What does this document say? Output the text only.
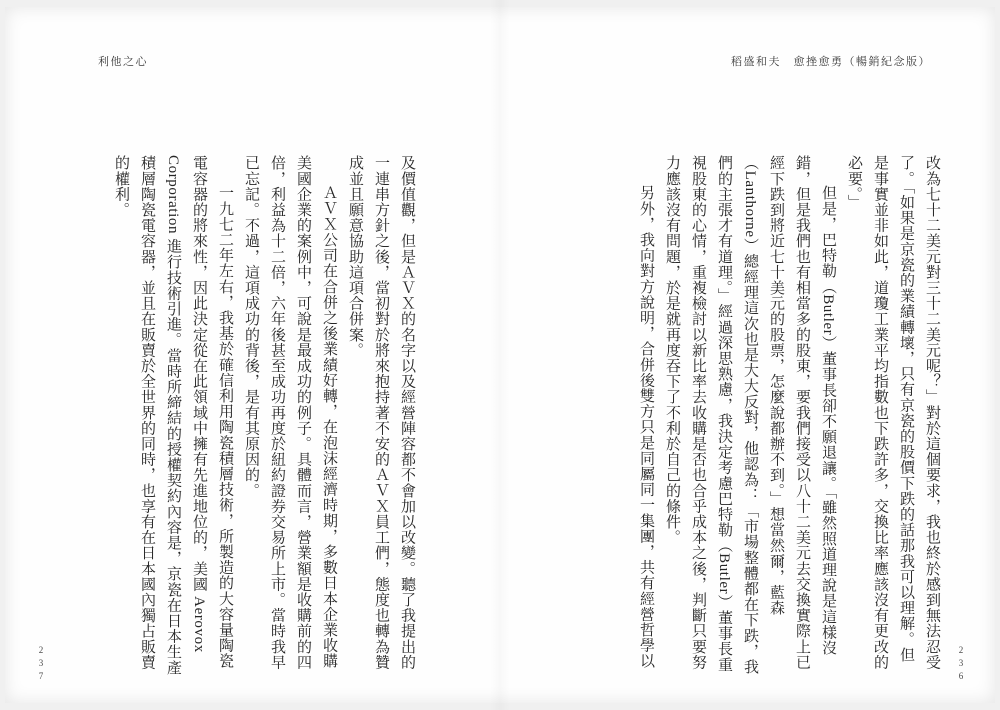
利他之心	稻盛和夫　愈挫愈勇（暢銷紀念版）

及價值觀，但是ＡＶＸ的名字以及經營陣容都不會加以改變。聽了我提出的一連串方針之後，當初對於將來抱持著不安的ＡＶＸ員工們，態度也轉為贊成並且願意協助這項合併案。

ＡＶＸ公司在合併之後業績好轉，在泡沫經濟時期，多數日本企業收購美國企業的案例中，可說是最成功的例子。具體而言，營業額是收購前的四倍，利益為十二倍，六年後甚至成功再度於紐約證券交易所上市。當時我早已忘記。不過，這項成功的背後，是有其原因的。

一九七二年左右，我基於確信利用陶瓷積層技術，所製造的大容量陶瓷電容器的將來性，因此決定從在此領域中擁有先進地位的，美國 Aerovox Corporation 進行技術引進。當時所締結的授權契約內容是，京瓷在日本生產積層陶瓷電容器，並且在販賣於全世界的同時，也享有在日本國內獨占販賣的權利。	改為七十二美元對三十二美元呢？」對於這個要求，我也終於感到無法忍受了。「如果是京瓷的業績轉壞，只有京瓷的股價下跌的話那我可以理解。但是事實並非如此，道瓊工業平均指數也下跌許多，交換比率應該沒有更改的必要。」

但是，巴特勒（Butler）董事長卻不願退讓。「雖然照道理說是這樣沒錯，但是我們也有相當多的股東，要我們接受以八十二美元去交換實際上已經下跌到將近七十美元的股票，怎麼說都辦不到。」想當然爾，藍森（Lanthorne）總經理這次也是大大反對，他認為：「市場整體都在下跌，我們的主張才有道理。」經過深思熟慮，我決定考慮巴特勒（Butler）董事長重視股東的心情，重複檢討以新比率去收購是否也合乎成本之後，判斷只要努力應該沒有問題，於是就再度吞下了不利於自己的條件。

另外，我向對方說明，合併後雙方只是同屬同一集團，共有經營哲學以

237	236
